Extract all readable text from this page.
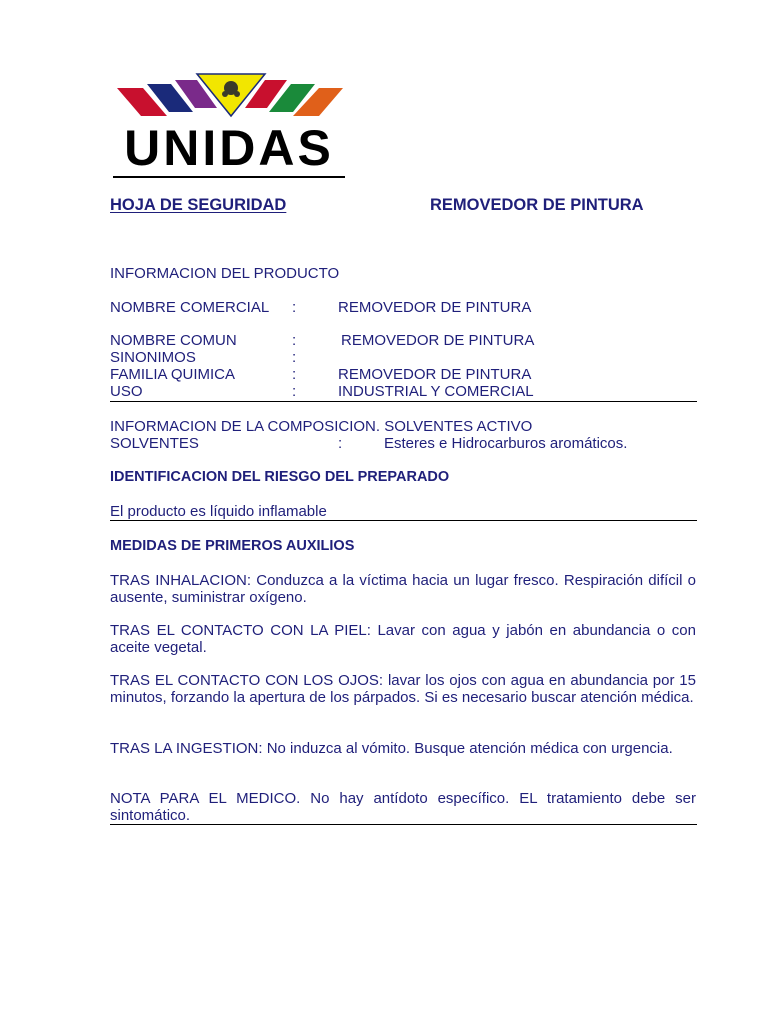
UNIDAS
HOJA DE SEGURIDAD	REMOVEDOR DE PINTURA
INFORMACION DEL PRODUCTO
NOMBRE COMERCIAL :	REMOVEDOR DE PINTURA
NOMBRE COMUN	:	REMOVEDOR DE PINTURA
SINONIMOS	:
FAMILIA QUIMICA	:	REMOVEDOR DE PINTURA
USO	:	INDUSTRIAL Y COMERCIAL
INFORMACION DE LA COMPOSICION. SOLVENTES ACTIVO
SOLVENTES	:	Esteres e Hidrocarburos aromáticos.
IDENTIFICACION DEL RIESGO DEL PREPARADO
El producto es líquido inflamable
MEDIDAS DE PRIMEROS AUXILIOS
TRAS INHALACION: Conduzca a la víctima hacia un lugar fresco. Respiración difícil o ausente, suministrar oxígeno.
TRAS EL CONTACTO CON LA PIEL: Lavar con agua y jabón en abundancia o con aceite vegetal.
TRAS EL CONTACTO CON LOS OJOS: lavar los ojos con agua en abundancia por 15 minutos, forzando la apertura de los párpados. Si es necesario buscar atención médica.
TRAS LA INGESTION: No induzca al vómito. Busque atención médica con urgencia.
NOTA PARA EL MEDICO. No hay antídoto específico. EL tratamiento debe ser sintomático.
